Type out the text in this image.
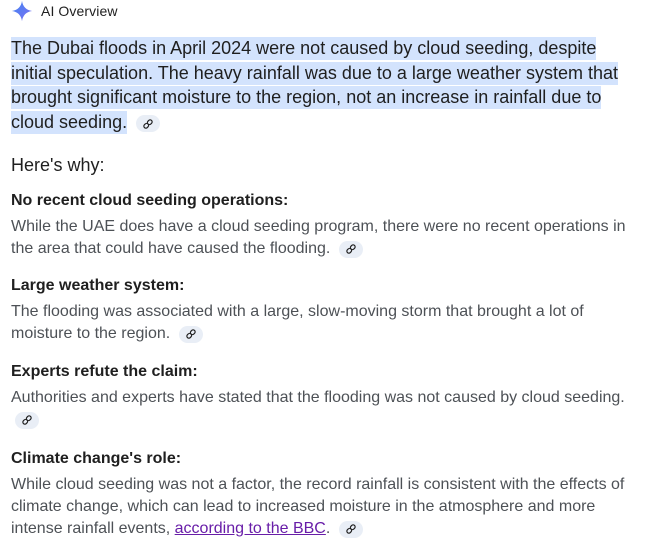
AI Overview
The Dubai floods in April 2024 were not caused by cloud seeding, despite initial speculation. The heavy rainfall was due to a large weather system that brought significant moisture to the region, not an increase in rainfall due to cloud seeding.
Here's why:
No recent cloud seeding operations:
While the UAE does have a cloud seeding program, there were no recent operations in the area that could have caused the flooding.
Large weather system:
The flooding was associated with a large, slow-moving storm that brought a lot of moisture to the region.
Experts refute the claim:
Authorities and experts have stated that the flooding was not caused by cloud seeding.
Climate change's role:
While cloud seeding was not a factor, the record rainfall is consistent with the effects of climate change, which can lead to increased moisture in the atmosphere and more intense rainfall events, according to the BBC.
